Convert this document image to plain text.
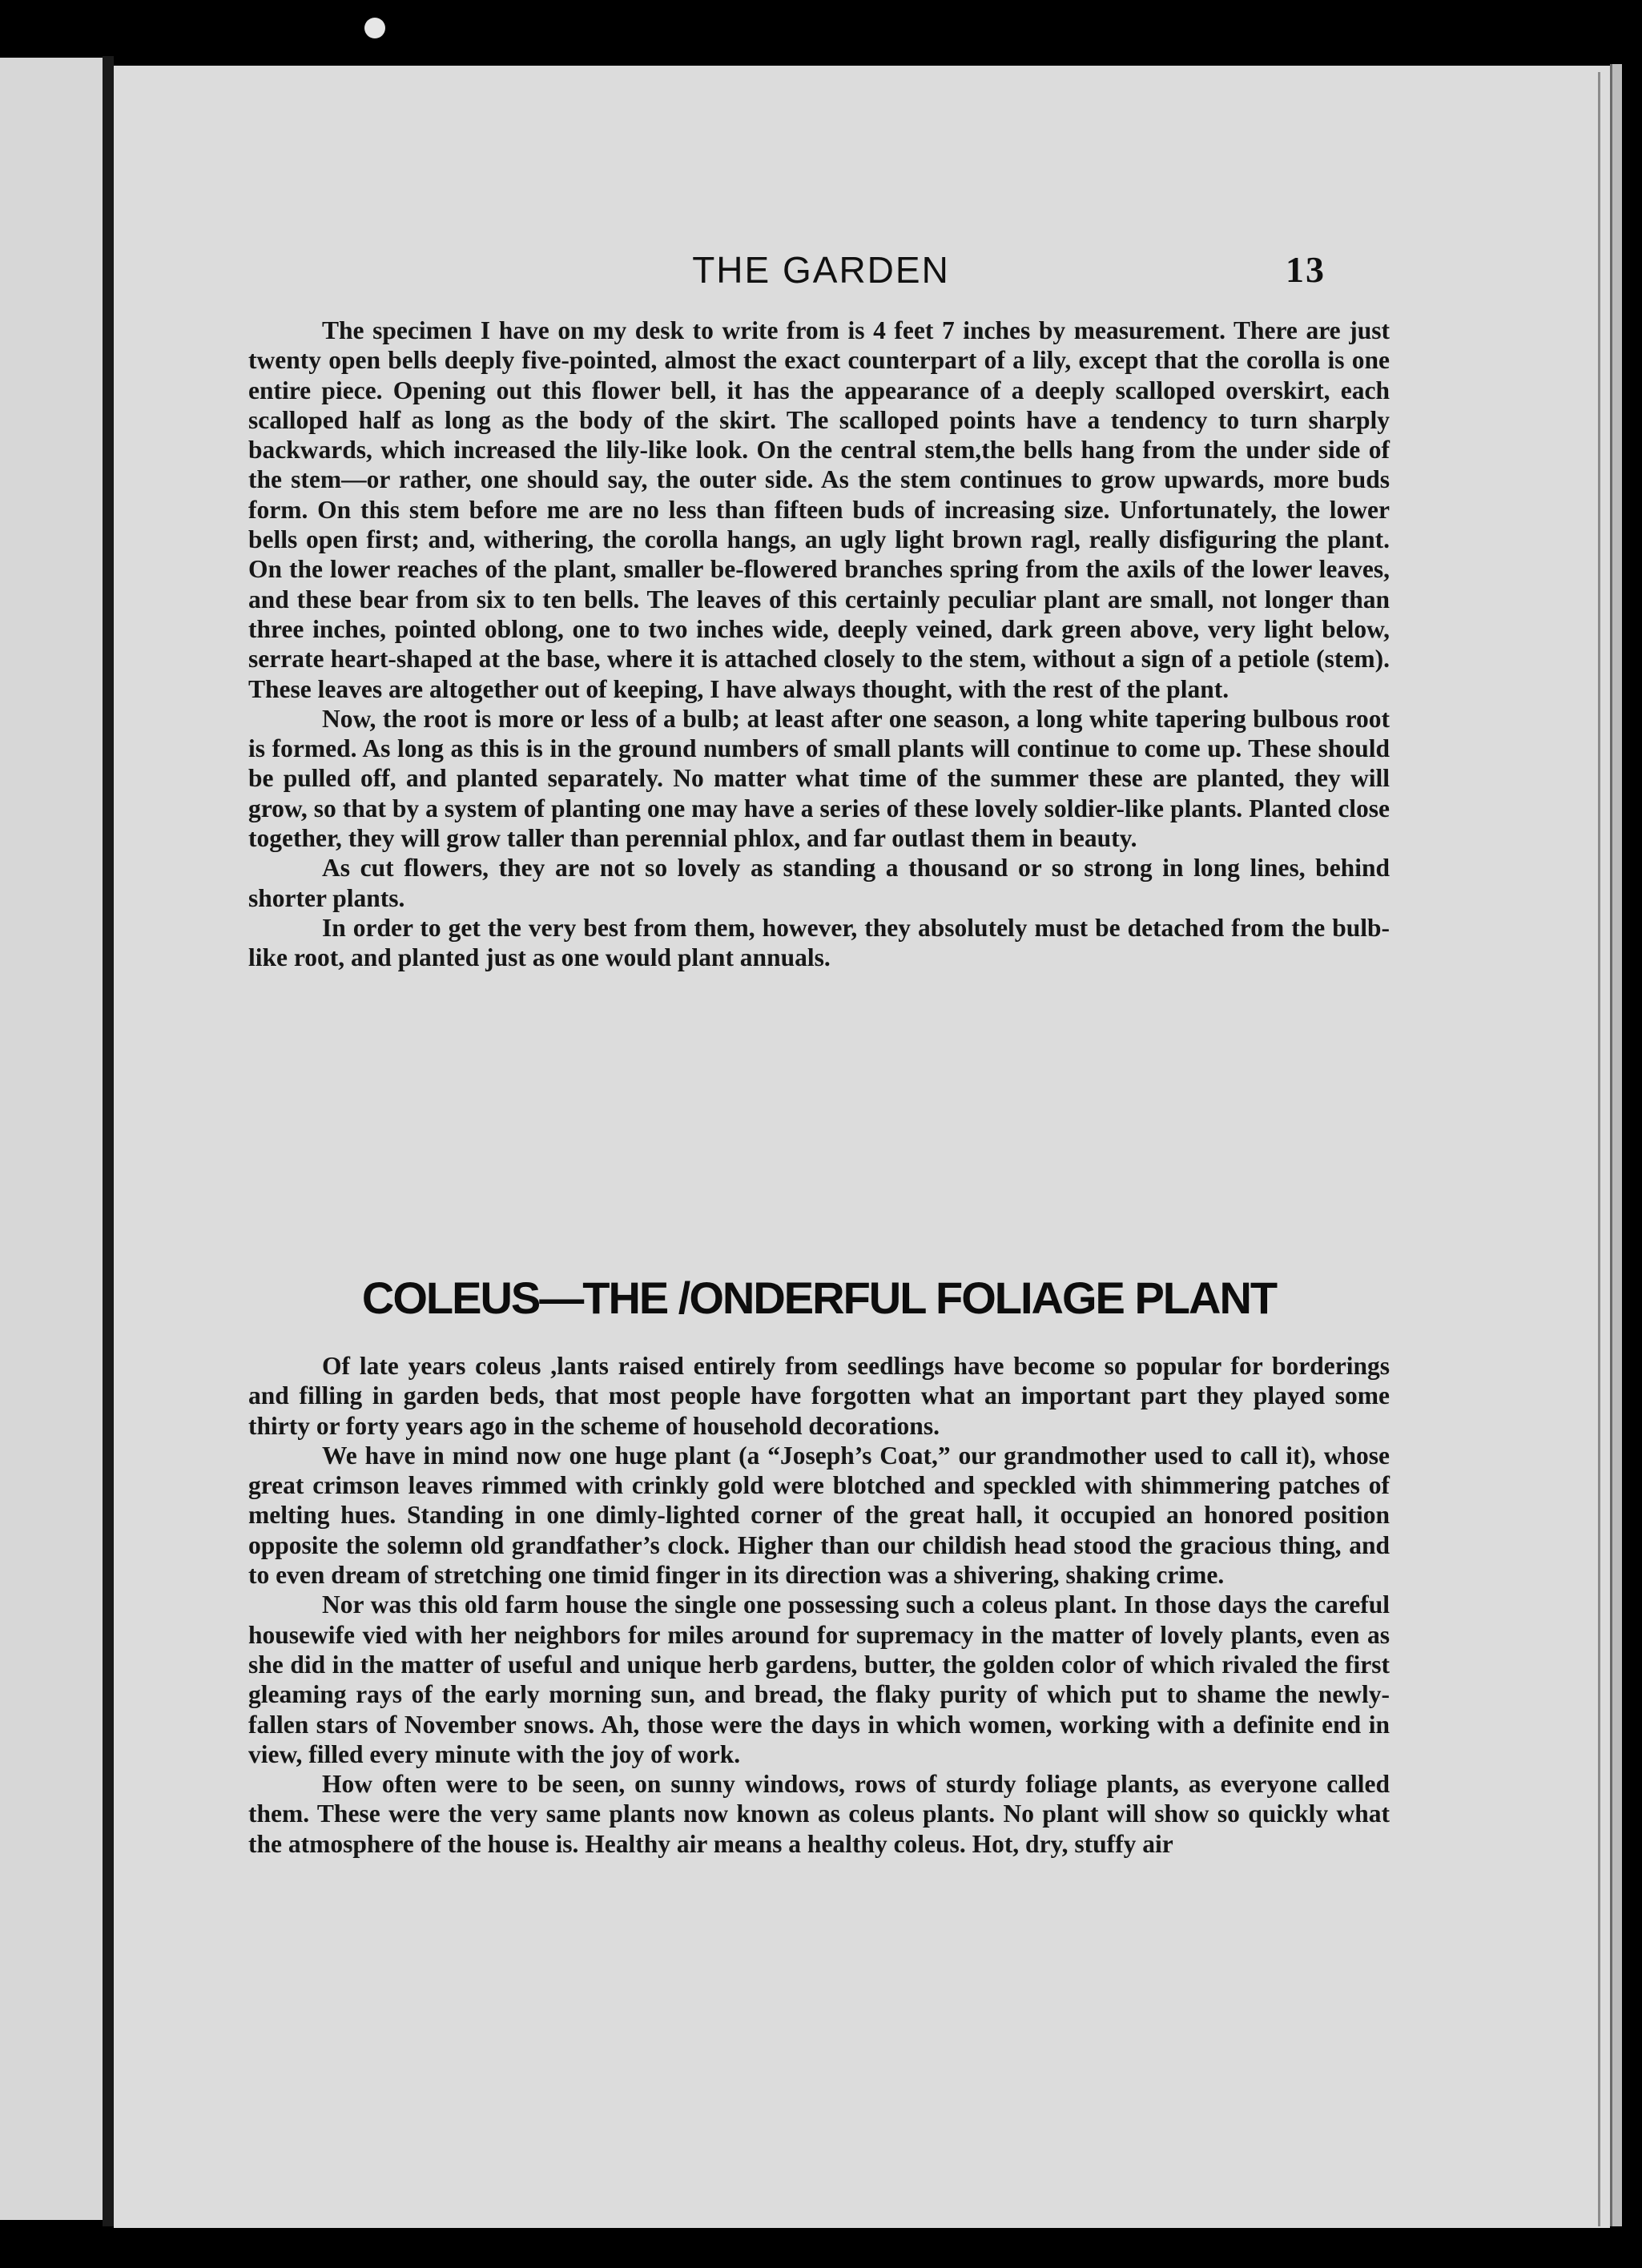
THE GARDEN	13

The specimen I have on my desk to write from is 4 feet 7 inches by measurement. There are just twenty open bells deeply five-pointed, almost the exact counterpart of a lily, except that the corolla is one entire piece. Opening out this flower bell, it has the appearance of a deeply scalloped overskirt, each scalloped half as long as the body of the skirt. The scalloped points have a tendency to turn sharply backwards, which increased the lily-like look. On the central stem,the bells hang from the under side of the stem—or rather, one should say, the outer side. As the stem continues to grow upwards, more buds form. On this stem before me are no less than fifteen buds of increasing size. Unfortunately, the lower bells open first; and, withering, the corolla hangs, an ugly light brown ragl, really disfiguring the plant. On the lower reaches of the plant, smaller be-flowered branches spring from the axils of the lower leaves, and these bear from six to ten bells. The leaves of this certainly peculiar plant are small, not longer than three inches, pointed oblong, one to two inches wide, deeply veined, dark green above, very light below, serrate heart-shaped at the base, where it is attached closely to the stem, without a sign of a petiole (stem). These leaves are altogether out of keeping, I have always thought, with the rest of the plant.

Now, the root is more or less of a bulb; at least after one season, a long white tapering bulbous root is formed. As long as this is in the ground numbers of small plants will continue to come up. These should be pulled off, and planted separately. No matter what time of the summer these are planted, they will grow, so that by a system of planting one may have a series of these lovely soldier-like plants. Planted close together, they will grow taller than perennial phlox, and far outlast them in beauty.

As cut flowers, they are not so lovely as standing a thousand or so strong in long lines, behind shorter plants.

In order to get the very best from them, however, they absolutely must be detached from the bulb-like root, and planted just as one would plant annuals.

COLEUS—THE /ONDERFUL FOLIAGE PLANT

Of late years coleus ,lants raised entirely from seedlings have become so popular for borderings and filling in garden beds, that most people have forgotten what an important part they played some thirty or forty years ago in the scheme of household decorations.

We have in mind now one huge plant (a “Joseph’s Coat,” our grandmother used to call it), whose great crimson leaves rimmed with crinkly gold were blotched and speckled with shimmering patches of melting hues. Standing in one dimly-lighted corner of the great hall, it occupied an honored position opposite the solemn old grandfather’s clock. Higher than our childish head stood the gracious thing, and to even dream of stretching one timid finger in its direction was a shivering, shaking crime.

Nor was this old farm house the single one possessing such a coleus plant. In those days the careful housewife vied with her neighbors for miles around for supremacy in the matter of lovely plants, even as she did in the matter of useful and unique herb gardens, butter, the golden color of which rivaled the first gleaming rays of the early morning sun, and bread, the flaky purity of which put to shame the newly-fallen stars of November snows. Ah, those were the days in which women, working with a definite end in view, filled every minute with the joy of work.

How often were to be seen, on sunny windows, rows of sturdy foliage plants, as everyone called them. These were the very same plants now known as coleus plants. No plant will show so quickly what the atmosphere of the house is. Healthy air means a healthy coleus. Hot, dry, stuffy air
